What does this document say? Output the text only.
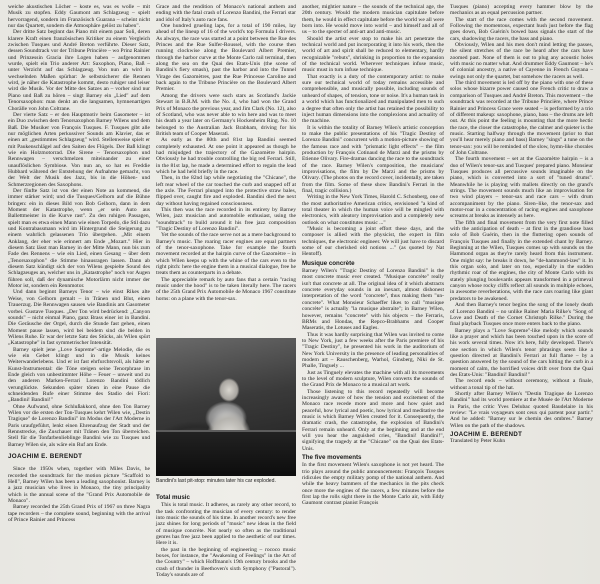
weiche akustischen Löcher – koste es, was es wolle – mit Musik zu stopfen. Eddy Gaumont am Schlagzeug – spielt hervorragend, sondern im Französisch Guarana – scheint nicht nur das Quartett, sondern die Atmosphäre gelöst zu haben".

Der dritte Satz beginnt das Piano mit einem paar Soli, deren klarere Kraft einen französischen Kritiker zu einem Vergleich zwischen Tusques und André Breton verführte. Dieser Satz, dessen Soundtrack vor der Tribune Princière – wo Prinz Rainier und Prinzessin Gracia ihre Logen haben – aufgenommen wurde, spielt ein Trio anderer Art: Saxophon, Piano, Baß – unter Verzicht auf das Schlagzeug. Von nun an wird in wechselnden Maßen spürbar: Je selbstsicherer die Rennen wird, je näher die Katastrophe kommt, desto ruhiger und leiser wird die Musik. Vor der Mitte des Satzes an – vorher sind nur Piano und Baß zu hören – singt Barney ein „Lied" auf dem Tenorsaxophon: man denkt an die langsamen, hymnenartigen Chorälle von John Coltrane.

Der vierte Satz – er den Hauptmotiv beim Gasometer – ist ein Duo zwischen dem Tenorsaxophon Barney Wilens und dem Baß. Die Musiker von François Tusques. F. Tusques gibt alle nur möglichen Arten perkussiver Sounds am Klavier, das er einen art „gestimmtes Schlagzeug" wird. Stellenweise spielt er mit Paukenschlägel auf den Saiten des Flügels. Der Baß klingt wie ein Holzmotorrad. Die Sirene – Tenorsaxophon und Rennwagen – verschmelzen miteinander zu einer unauflöslichen Symbiose. Von nun an, so hat es Freddie Hubbard während der Entstehung der Aufnahme gemacht, von der Welt der Musik des Jazz, bis in die Höhen- und Schmerzregionen des Saxophons.

Der fünfte Satz ist von der einen Note an kommend, die immer stärker wird; und die Tusques/Gelhorn auf die Bühne bringen: ein in dieses Bild von Bob Gelhorn, dann in dem Moment der Katastrophe, wenn „er sein Auto aus Ballettmeister in die Kurve rast". Zu den ruhigen Passagen, spielt man es etwa einen Mann wie einen Torpedo, die Stil dazu und Kontrabassmann wird im Hintergrund die Steigerung zu einem wahrlich gelassenen Trio übergehen. „Mit einem Anklang, der eher wie erinnert am Ende „Mozart." Hier in diesem Satz lässt man Barney in der Mitte Mann, nun bis zum Fade des Rennens – wie ein Lied, einen Gesang – über dem „Tenorsaxophon" die Stimme hinausragen lassen. Dann ab diesem Satz kündigt sich der von Wilens gespielte Sound des Schlagzeuges an, welcher uns in „Katastrophe" noch vor Augen führen soll, daß der dynamische Motorlärm nicht immer der Motor ist, sondern ein Rennmotor.

Und dann beginnt Barneys Tenor – wie einst Rikes alte Weise, von Gelhorn gemalt – in Tränen und Blut, einen Trauerzug. Die Rennwagen sausen wie Bandinis am Gasometer vorbei. Gustave Tusques. „Der Ton wird bedrückend: „Canyon sounds" – nicht einmal Piano, ganz Brass einer ist in Bandini. Die Geräusche der Orgel, durch die Stunde fast gehen, einen Moment pause lassen, wird bei beidem sind die beiden in Wilens Ruhe. Er war der letzte Satz des Stücks, als Wilen spürt „Katastrophe" in fast symmetrischer Intensität.

Barney spielt jene „Love Supreme"-artige Melodie, die es wie ein Gebet klingt und in die Musik keines Weiterwanderlebens. Und er ist fast ehrfurchtsvoll, als hätte er Kunst-Instrumental: die Töne steigen seine Tenorphrase im Ende gleich von unbestimmter Höhe – Feuer – unweit und zu den anderen Marken-Ferrari Lorenzo Bandini tödlich verunglückte. Sekunden später tönen in eine Pause die schneidenden Rufe einer Stimme des Stadio dei Fiori: „Bandini! Bandini!"

Ohne Aufwand, ohne Schlußakkord, ohne den Ton Barney Wilen vor die ersten der Ton-Tusques kehrt Wilen wie, „Destin Tragique" de Lorenzo Bandini" im Modus der l'Art Moderne in Paris uraufgeführt, lenkt einen Ehrenaufzug der Stadt und der Rennstrecke, die Zuschauer mit Tränen den Ton überreichen. Stell für die Tonfarbenlieblinge Bandini wie zu Tusques und Barney Wilen sie, als wäre ein Ruf am Ende.

JOACHIM E. BERENDT

Since the 1950s when, together with Miles Davis, he recorded the soundtrack for the motion picture "Scaffold to Hell", Barney Wilen has been a leading saxophonist. Barney is a jazz musician who lives in Monaco, the tiny principality which is the annual scene of the "Grand Prix Automobile de Monaco".

Barney recorded the 25th Grand Prix of 1967 on three Nagra tape recorders – the complete sound, beginning with the arrival of Prince Rainier and Princess

Grace and the rendition of Monaco's national anthem and ending with the fatal crash of Lorenzo Bandini, the Ferrari star and idol of Italy's auto race fans.

One hundred grueling laps, for a total of 190 miles, lay ahead of the lineup of 16 of the world's top Formula I drivers. As always, the race was started at a point between the Rue des Princes and the Rue Sulfer-Roussel, with the course then running clockwise along the Boulevard Albert Premier, through the harbor curve at the Monte Carlo rail terminal, then along the sea on the Quai des Etats-Unis (the scene of Bandini's fiery smash), past the harbor and into the Tunnel Virage des Gazomètres, past the Rue Princesse Caroline and back again to the Tribune Princière on the Boulevard Albert Premier.

Among the drivers were such stars as Scotland's Jackie Stewart in B.R.M. with the No. 4, who had won the Grand Prix of Monaco the previous year, and Jim Clark (No. 12), also of Scotland, who was never able to win here and was to meet his death a year later on Germany's Hockenheim Ring. No. 10 belonged to the Australian Jack Brabham, driving for his British team of Cooper Maserati.

As early as the 80th and 81st lap Bandini seemed completely exhausted. At one point it appeared as though he had misjudged the trajectory of the Gazomètre hairpin. Obviously he had trouble controlling the big red Ferrari. Still, in the 81st lap, he made a determined effort to regain the lead which he had held briefly in the race.

Then, in the 82nd lap while negotiating the "Chicane", the left rear wheel of the car touched the curb and snapped off at the axle. The Ferrari plunged into the protective straw bales, flipped over, caught fire and exploded. Bandini died the next day without having regained consciousness.

This then was the race recorded in its entirety by Barney Wilen, jazz musician and automobile enthusiast, using the "soundtrack" to build around it his free jazz composition "Tragic Destiny of Lorenzo Bandini".

Yet the sounds of the race serve not as a mere background to Barney's music. The roaring racer engines are equal partners of the tenor-saxophone. Take for example the fourth movement recorded at the hairpin curve of the Gazomètre – in which Wilen keeps up with the whine of the cars even to the right pitch: here the engine them in a musical dialogue, free he treats them as counterparts in a debate.

The appreciable remark by auto fans that a certain "racing music under the hood" is to be taken literally here. The racers of the 25th Grand Prix Automobile de Monaco 1967 constitute horns: on a plane with the tenor-sax.

Bandini's last pit-stop: minutes later his car exploded.
Total music

This is total music. It adheres, as rarely any other record, to the task confronting the musician of every century: to render into music the sounds of his time. In another record's new free jazz shines for long periods of "music" new ideas in the field of musique concrète. Not nearly so often as the traditional genres has free jazz been applied to the aesthetic of our times. Here it is.

the past in the beginning of engineering – rococo music boxes, for instance, the "Awakening of Feelings" in the Art of the Country" – which Hoffmann's 19th century brooks and the crash of thunder in Beethoven's sixth Symphony ("Pastoral"). Today's sounds are of

another, mightier nature – the sounds of the technical age, the 20th century. Would the modern musician capitulate before them, he would in effect capitulate before the world we all were born into. He would move into world – and himself and all of us – to the specter of anti-art and anti-music.

Should the artist ever stop to make his art penetrate the technical world and put incorporating it into his work, then the world of art and spirit shall be reduced to elementary, hardly recognizable "rebuts", shrinking in proportion to the expansion of the technical world. Wherever techniques infuse music, music must in turn infuse technique.

That exactly is a duty of the contemporary artist: to make sure our technical world of today remains accessible and comprehensible, and musically possible, including sounds of unheard of shapes, of tension, tone or noise. It's a human task in a world which has functionalized and manipulated men to such a degree that often only the artist has retained the possibility to inject human dimensions into the complexions and actuality of the machine.

It is within the totality of Barney Wilen's artistic conception to make the public presentations of his "Tragic Destiny of Lorenzo Bandini" concurrent with a motion-picture showing of the famous race and with "prismatic light effects" – the film production by François Cotinaud de Marzi and the prisms by Etienne Olivary. Fire-dramas dancing the race to the soundtrack of the race. Barney Wilen's composition, the musicians' improvisations, the film by De Marzi and the prisms by Olivary. (The photos on the record cover, incidentally, are taken from the film. Some of these show Bandini's Ferrari in the final, tragic collision.)

Writing in the New York Times, Harold C. Schonberg, one of the most authoritative American critics, envisioned "a kind of total theater in which the human voice will be mingled with electronics, with aleatory improvisation and a completely new outlook on what constitutes music ..."

"Music is becoming a joint effort these days, and the composer is allied with the physicist, the expert in film techniques, the electronic engineer. We will just have to discard some of our cherished old notions ..." (as quoted by Nat Hentoff).

Musique concrète

Barney Wilen's "Tragic Destiny of Lorenzo Bandini" is the most concrete music ever created. "Musique concrète" really isn't that concrete at all. The original idea of it which abstracts concrete everyday sounds in an inexact, almost dishonest interpretation of the word "concrete", thus making them "un-concrete". What Monsieur Schaeffer likes to call "musique concrète" is actually "la musique abstraite"; in Barney Wilen, however, remains "concrete" with his objects – the Ferraris, BRMs and Hondas, the Repco-Brabhams and Cooper Maseratis, the Lotuses and Eagles.

Thus it was hardly surprising that Wilen was invited to come to New York, just a few weeks after the Paris premiere of his "Tragic Destiny", he presented his work in the auditorium of New York University in the presence of leading personalities of modern art – Rauschenberg, Warhol, Ginsberg, Niki de St. Phalle, Tinguely ...

Just as Tinguely elevates the machine with all its movements to the level of modern sculpture, Wilen converts the sounds of the Grand Prix de Monaco to a musical art work.

Those listening to this record repeatedly will become increasingly aware of how the tension and excitement of the Monaco race recede more and more and how quiet and peaceful, how lyrical and poetic, how lyrical and meditative the music is which Barney Wilen created for it. Consequently, the dramatic crash, the catastrophe, the explosion of Bandini's Ferrari remain unheard. Only at the beginning and at the end will you hear the anguished cries, "Bandini! Bandini!", signifying the tragedy at the "Chicane" on the Quai des Etats-Unis.

The five movements

In the first movement Wilen's saxophone is not yet heard. The trio plays around the public announcements: François Tusques ridicules the empty military pomp of the national anthem. And while the heavy bammers of the mechanics in the pits check once more the engines of the racers, a few minutes before the first lap the rolls sight there in the Monte Carlo air, with Eddy Gaumont contrast pianist François

Tusques (piano) accepting every hammer blow by the mechanics as an equal percussion partner.

The start of the race comes with the second movement. Following the momentous, expectant hush just before the flag goes down, Bob Guérin's bowed bass signals the start of the cars, shadowing the racers, the bass and piano.

Obviously, Wilen and his men don't mind letting the passes, the silent stretches of the race be heard after the cars have zoomed past. None of them is out to plug any acoustic holes with music no matter what. And drummer Eddy Gaumont – he's of colonial ancestry, a native of Cayenne in French Guyana – swings not only the quartet, but somehow the racers as well.

The third movement is led off by the piano with one of these solos whose bizarre power caused one French critic to draw a comparison of Tusques and André Breton. This movement – the soundtrack was recorded at the Tribune Princière, where Prince Rainier and Princess Grace were seated – is performed by a trio of different makeup: saxophone, piano, bass – the drums are left out. At this point the feeling is mounting that the more hectic the race, the closer the catastrophe, the calmer and quieter is the music. Starting halfway through the movement (prior to that you'll hear merely piano and bass) Barney "sings" a tune on the tenor-sax: you will be reminded of the slow, hymn-like chorales of John Coltrane.

The fourth movement – set at the Gazomètre hairpin – is a duo of Wilen's tenor-sax and Tusques' prepared piano. Monsieur Tusques produces all percussive sounds imaginable on the piano, which is converted into a sort of "tuned drums". Meanwhile he is playing with mallets directly on the grand's strings. The movement sounds much like an improvisation for two wind players – tenor-sax and race cars – with drum accompaniment by the piano. Siren–like, the tenor-sax and motor-roar in a concentration of racing engines and saxophone screams at breaks as intensely as here.

The fifth and final movement from the very first note filled with the anticipation of death – at first in the grandiose bass solo of Bob Guérin, then in the fluttering open sounds of François Tusques and finally in the extended chant by Barney. Beginning at the Wilen, Tusques comes up with sounds on the Hammond organ as they're rarely heard from this instrument. One might say: he breaks it down, he "de-hammond-izes" it. In this organ solo, and later on too, especially in the sudden rhythmic roar of the engines, the city of Monte Carlo with its stately plunging boulevards appears transformed in a primeval canyon whose rocky cliffs reflect all sounds in multiple echoes, in awesome reverberations, with the race cars roaring like giant predators to be awakened.

And then Barney's tenor begins the song of the lonely death of Lorenzo Bandini – no unlike Rainer Maria Rilke's "Song of Love and Death of the Cornet Christoph Rilke." During the final playback Tusques once more enters back to the piano.

Barney plays a "Love Supreme"-like melody which sounds like a prayer and which has been touched upon in the score of his work several times. Now it's here, fully developed. There's one section in which Wilen's tenor phrasings seem like a question directed at Bandini's Ferrari at full flame – by a question answered by the sound of the cars hitting the curb in a moment of calm, the horrified voices drift over from the Quai des Etats-Unis: "Bandini! Bandini!"

The record ends – without ceremony, without a finale, without a tonal tip of the hat.

Shortly after Barney Wilen's "Destin Tragique de Lorenzo Bandini" had its world premiere at the Musée de l'Art Moderne in Paris, the critic Yves Delubac quoted Baudelaire in his review: "Le vrais voyageurs sont ceux qui partent pour partir." And he added: "Barney sur le chemin des ombres." Barney Wilen on the path of the shadows.

JOACHIM E. BERENDT
Translated by Peter Kuhn
